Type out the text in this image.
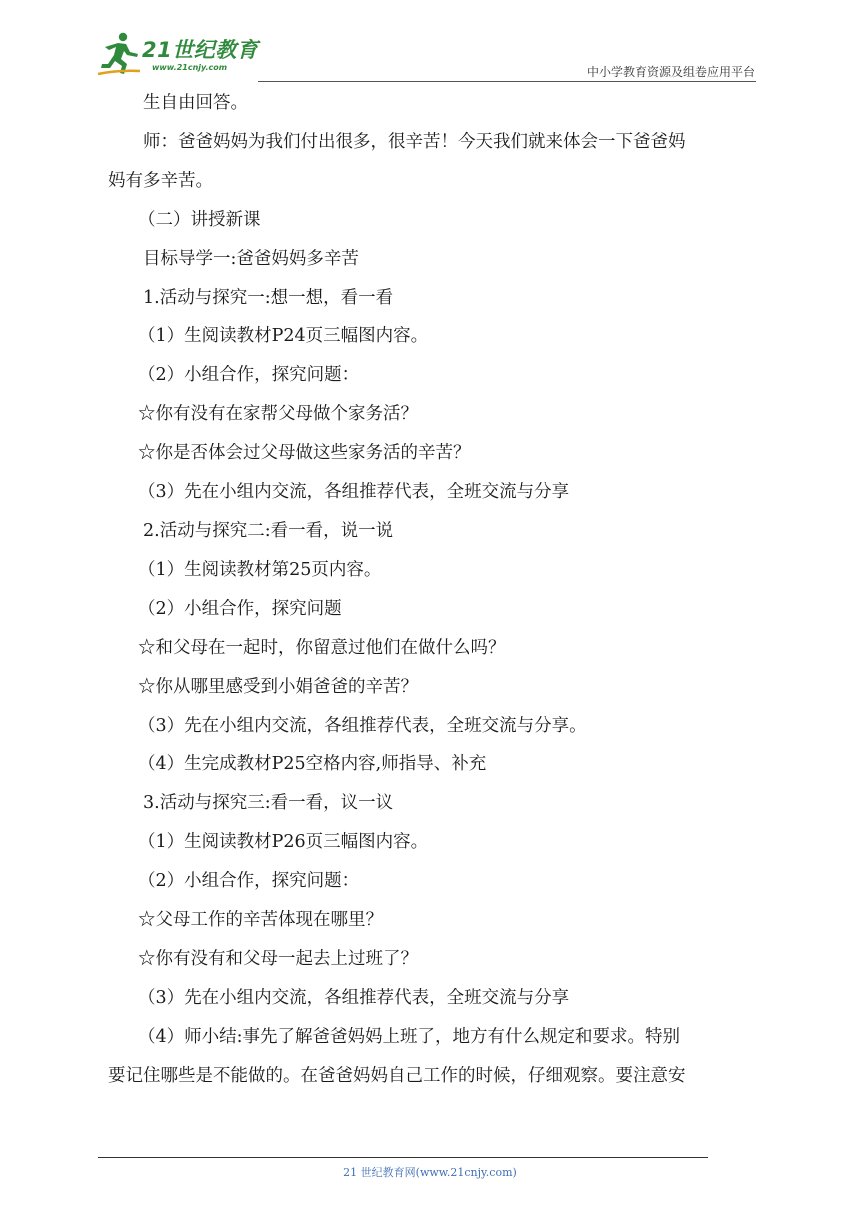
21世纪教育
www.21cnjy.com	中小学教育资源及组卷应用平台

生自由回答。

师：爸爸妈妈为我们付出很多，很辛苦！今天我们就来体会一下爸爸妈

妈有多辛苦。

（二）讲授新课

目标导学一:爸爸妈妈多辛苦

1.活动与探究一:想一想，看一看

（1）生阅读教材P24页三幅图内容。

（2）小组合作，探究问题：

☆你有没有在家帮父母做个家务活？

☆你是否体会过父母做这些家务活的辛苦？

（3）先在小组内交流，各组推荐代表，全班交流与分享

2.活动与探究二:看一看，说一说

（1）生阅读教材第25页内容。

（2）小组合作，探究问题

☆和父母在一起时，你留意过他们在做什么吗？

☆你从哪里感受到小娟爸爸的辛苦？

（3）先在小组内交流，各组推荐代表，全班交流与分享。

（4）生完成教材P25空格内容,师指导、补充

3.活动与探究三:看一看，议一议

（1）生阅读教材P26页三幅图内容。

（2）小组合作，探究问题：

☆父母工作的辛苦体现在哪里？

☆你有没有和父母一起去上过班了？

（3）先在小组内交流，各组推荐代表，全班交流与分享

（4）师小结:事先了解爸爸妈妈上班了，地方有什么规定和要求。特别

要记住哪些是不能做的。在爸爸妈妈自己工作的时候，仔细观察。要注意安

21 世纪教育网(www.21cnjy.com)
